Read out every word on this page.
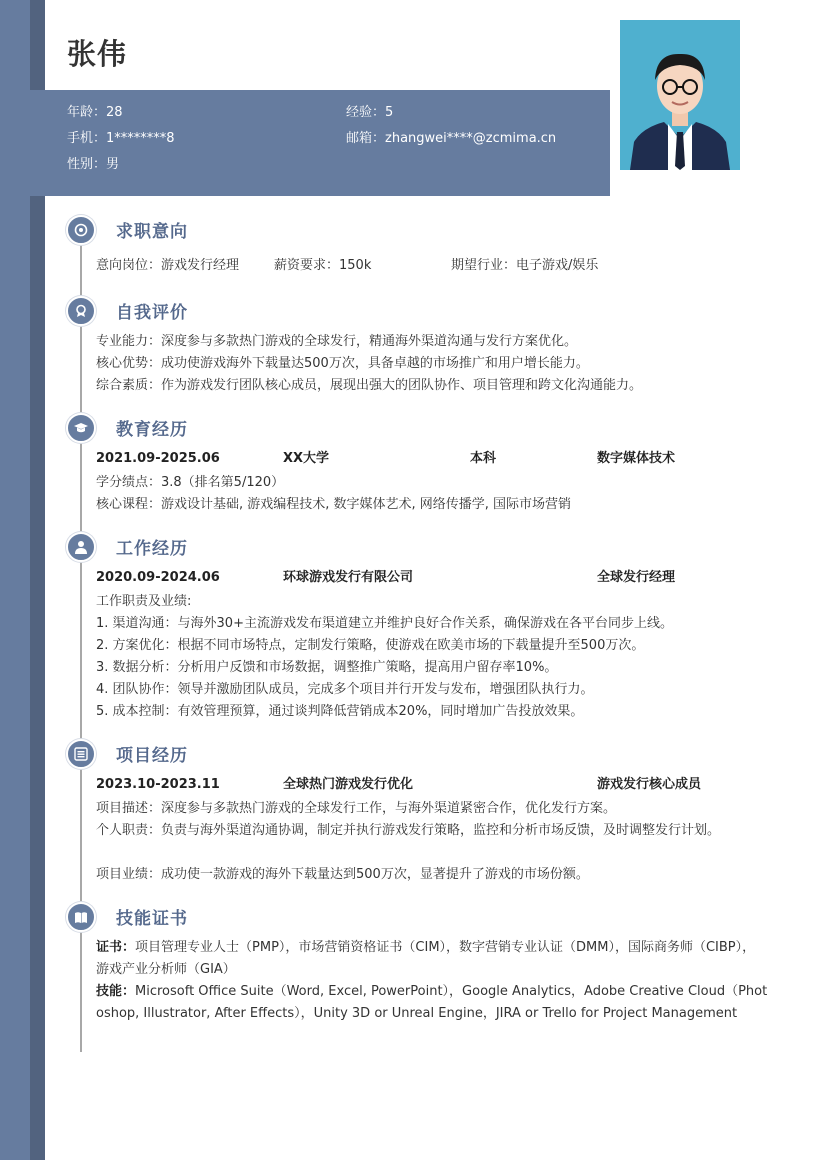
张伟
年龄：28	经验：5
手机：1********8	邮箱：zhangwei****@zcmima.cn
性别：男
求职意向
意向岗位：游戏发行经理	薪资要求：150k	期望行业：电子游戏/娱乐
自我评价
专业能力：深度参与多款热门游戏的全球发行，精通海外渠道沟通与发行方案优化。
核心优势：成功使游戏海外下载量达500万次，具备卓越的市场推广和用户增长能力。
综合素质：作为游戏发行团队核心成员，展现出强大的团队协作、项目管理和跨文化沟通能力。
教育经历
2021.09-2025.06	XX大学	本科	数字媒体技术
学分绩点：3.8（排名第5/120）
核心课程：游戏设计基础, 游戏编程技术, 数字媒体艺术, 网络传播学, 国际市场营销
工作经历
2020.09-2024.06	环球游戏发行有限公司	全球发行经理
工作职责及业绩:
1. 渠道沟通：与海外30+主流游戏发布渠道建立并维护良好合作关系，确保游戏在各平台同步上线。
2. 方案优化：根据不同市场特点，定制发行策略，使游戏在欧美市场的下载量提升至500万次。
3. 数据分析：分析用户反馈和市场数据，调整推广策略，提高用户留存率10%。
4. 团队协作：领导并激励团队成员，完成多个项目并行开发与发布，增强团队执行力。
5. 成本控制：有效管理预算，通过谈判降低营销成本20%，同时增加广告投放效果。
项目经历
2023.10-2023.11	全球热门游戏发行优化	游戏发行核心成员
项目描述：深度参与多款热门游戏的全球发行工作，与海外渠道紧密合作，优化发行方案。
个人职责：负责与海外渠道沟通协调，制定并执行游戏发行策略，监控和分析市场反馈，及时调整发行计划。
项目业绩：成功使一款游戏的海外下载量达到500万次，显著提升了游戏的市场份额。
技能证书
证书：项目管理专业人士（PMP），市场营销资格证书（CIM），数字营销专业认证（DMM），国际商务师（CIBP），游戏产业分析师（GIA）
技能：Microsoft Office Suite（Word, Excel, PowerPoint），Google Analytics，Adobe Creative Cloud（Photoshop, Illustrator, After Effects），Unity 3D or Unreal Engine，JIRA or Trello for Project Management
